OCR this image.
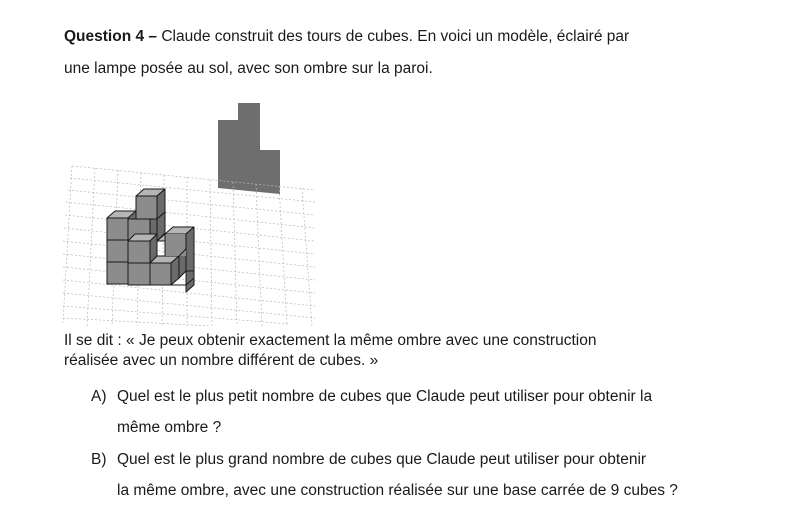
Question 4 – Claude construit des tours de cubes. En voici un modèle, éclairé par
une lampe posée au sol, avec son ombre sur la paroi.
Il se dit : « Je peux obtenir exactement la même ombre avec une construction
réalisée avec un nombre différent de cubes. »
A) Quel est le plus petit nombre de cubes que Claude peut utiliser pour obtenir la
même ombre ?
B) Quel est le plus grand nombre de cubes que Claude peut utiliser pour obtenir
la même ombre, avec une construction réalisée sur une base carrée de 9 cubes ?
